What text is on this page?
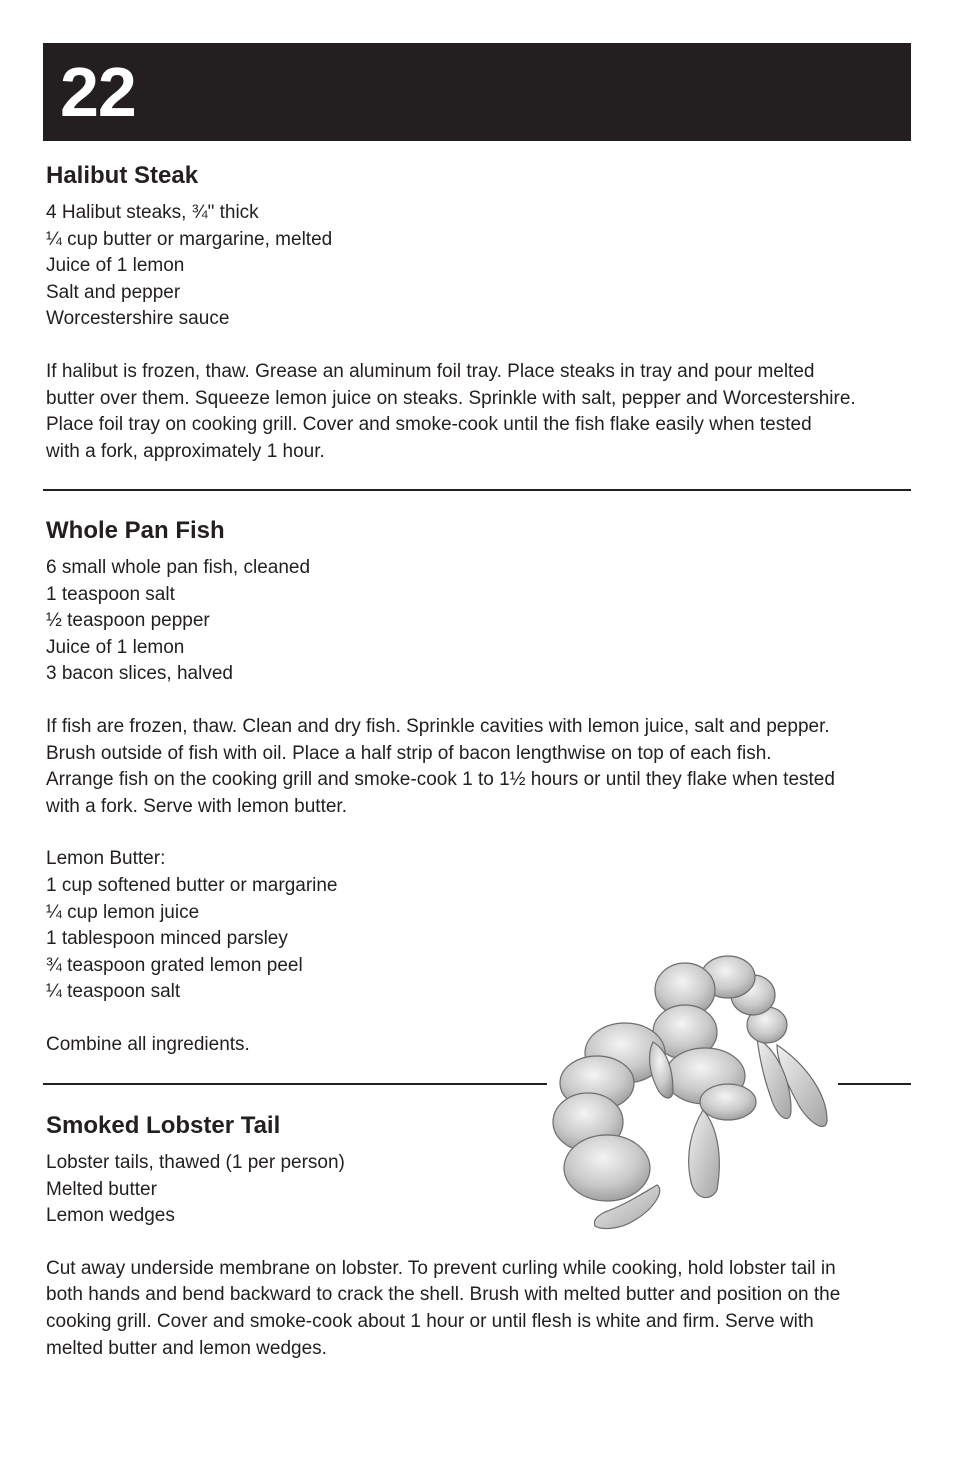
22
Halibut Steak
4 Halibut steaks, ¾" thick
¼ cup butter or margarine, melted
Juice of 1 lemon
Salt and pepper
Worcestershire sauce
If halibut is frozen, thaw. Grease an aluminum foil tray. Place steaks in tray and pour melted
butter over them. Squeeze lemon juice on steaks. Sprinkle with salt, pepper and Worcestershire.
Place foil tray on cooking grill. Cover and smoke-cook until the fish flake easily when tested
with a fork, approximately 1 hour.
Whole Pan Fish
6 small whole pan fish, cleaned
1 teaspoon salt
½ teaspoon pepper
Juice of 1 lemon
3 bacon slices, halved
If fish are frozen, thaw. Clean and dry fish. Sprinkle cavities with lemon juice, salt and pepper.
Brush outside of fish with oil. Place a half strip of bacon lengthwise on top of each fish.
Arrange fish on the cooking grill and smoke-cook 1 to 1½ hours or until they flake when tested
with a fork. Serve with lemon butter.
Lemon Butter:
1 cup softened butter or margarine
¼ cup lemon juice
1 tablespoon minced parsley
¾ teaspoon grated lemon peel
¼ teaspoon salt
Combine all ingredients.
Smoked Lobster Tail
Lobster tails, thawed (1 per person)
Melted butter
Lemon wedges
Cut away underside membrane on lobster. To prevent curling while cooking, hold lobster tail in
both hands and bend backward to crack the shell. Brush with melted butter and position on the
cooking grill. Cover and smoke-cook about 1 hour or until flesh is white and firm. Serve with
melted butter and lemon wedges.
